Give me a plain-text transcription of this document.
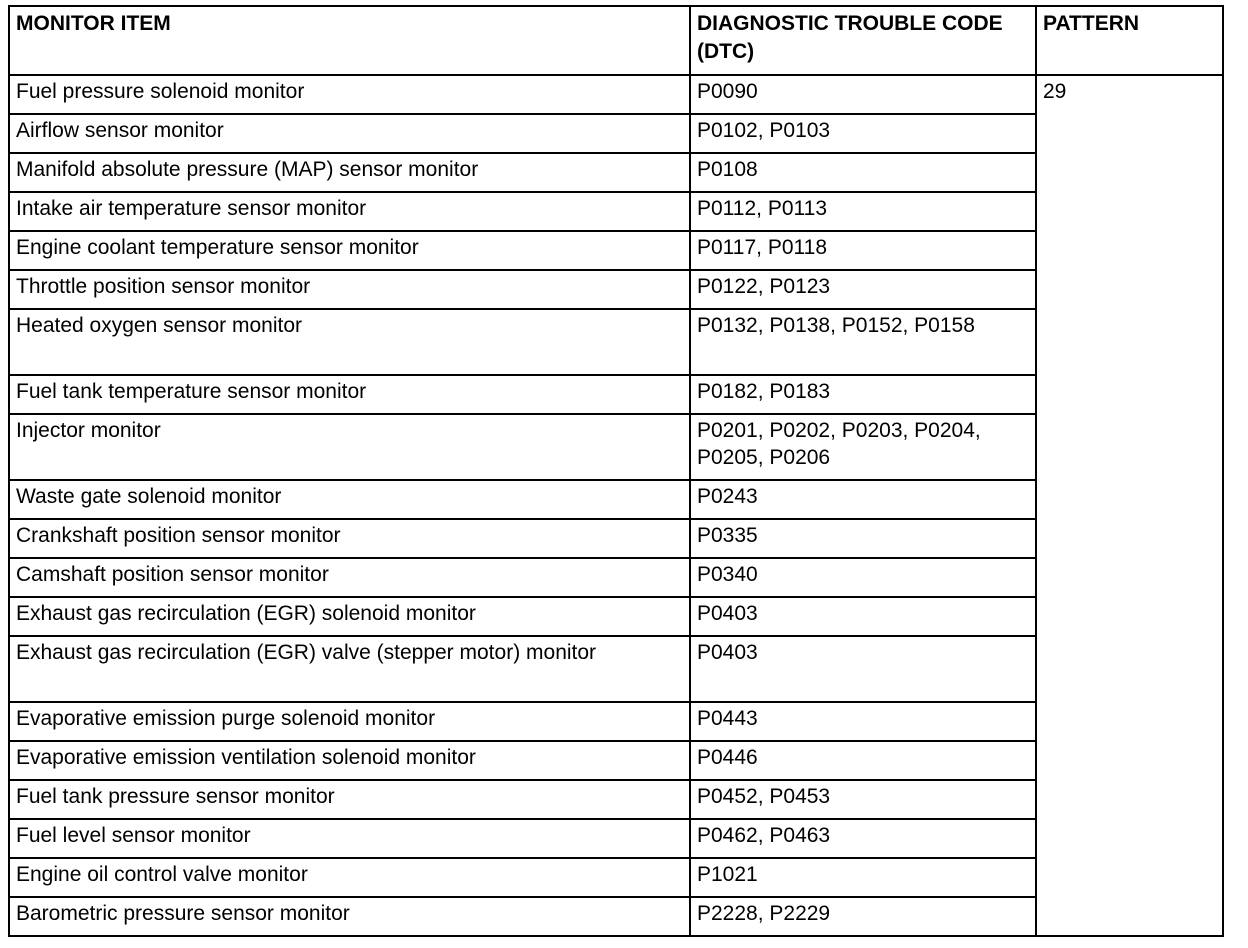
MONITOR ITEM	DIAGNOSTIC TROUBLE CODE (DTC)	PATTERN
Fuel pressure solenoid monitor	P0090	29
Airflow sensor monitor	P0102, P0103	
Manifold absolute pressure (MAP) sensor monitor	P0108	
Intake air temperature sensor monitor	P0112, P0113	
Engine coolant temperature sensor monitor	P0117, P0118	
Throttle position sensor monitor	P0122, P0123	
Heated oxygen sensor monitor	P0132, P0138, P0152, P0158	
Fuel tank temperature sensor monitor	P0182, P0183	
Injector monitor	P0201, P0202, P0203, P0204, P0205, P0206	
Waste gate solenoid monitor	P0243	
Crankshaft position sensor monitor	P0335	
Camshaft position sensor monitor	P0340	
Exhaust gas recirculation (EGR) solenoid monitor	P0403	
Exhaust gas recirculation (EGR) valve (stepper motor) monitor	P0403	
Evaporative emission purge solenoid monitor	P0443	
Evaporative emission ventilation solenoid monitor	P0446	
Fuel tank pressure sensor monitor	P0452, P0453	
Fuel level sensor monitor	P0462, P0463	
Engine oil control valve monitor	P1021	
Barometric pressure sensor monitor	P2228, P2229	
